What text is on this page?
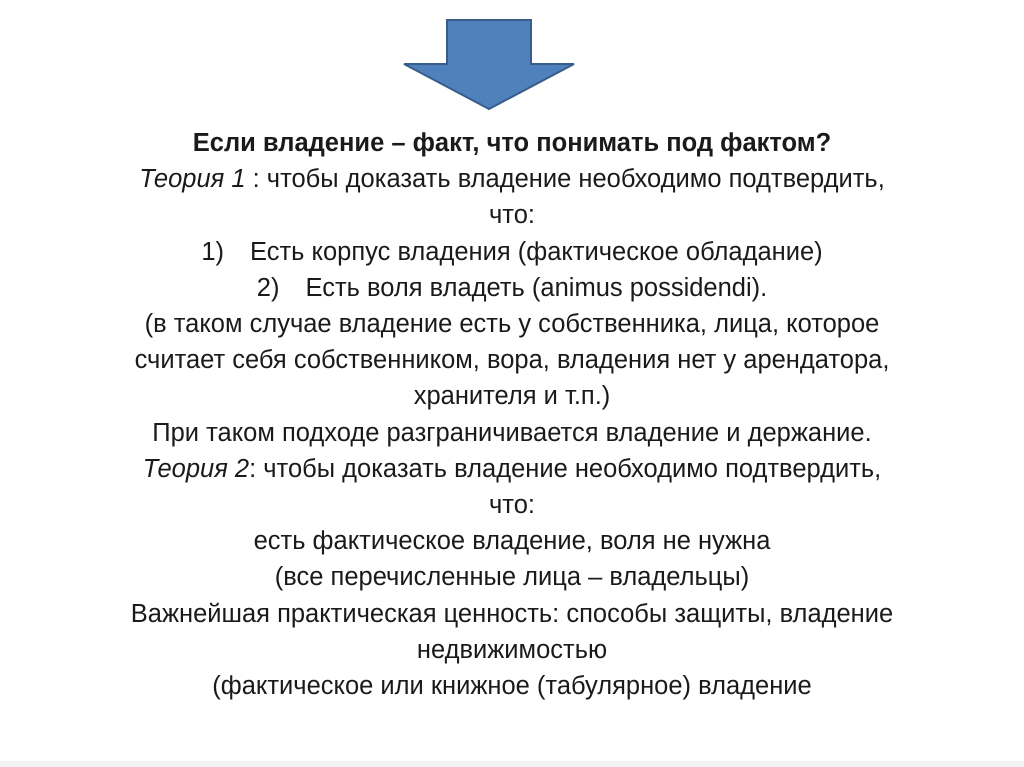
Если владение – факт, что понимать под фактом?
Теория 1 : чтобы доказать владение необходимо подтвердить,
что:
1) Есть корпус владения (фактическое обладание)
2) Есть воля владеть (animus possidendi).
(в таком случае владение есть у собственника, лица, которое
считает себя собственником, вора, владения нет у арендатора,
хранителя и т.п.)
При таком подходе разграничивается владение и держание.
Теория 2: чтобы доказать владение необходимо подтвердить,
что:
есть фактическое владение, воля не нужна
(все перечисленные лица – владельцы)
Важнейшая практическая ценность: способы защиты, владение
недвижимостью
(фактическое или книжное (табулярное) владение
